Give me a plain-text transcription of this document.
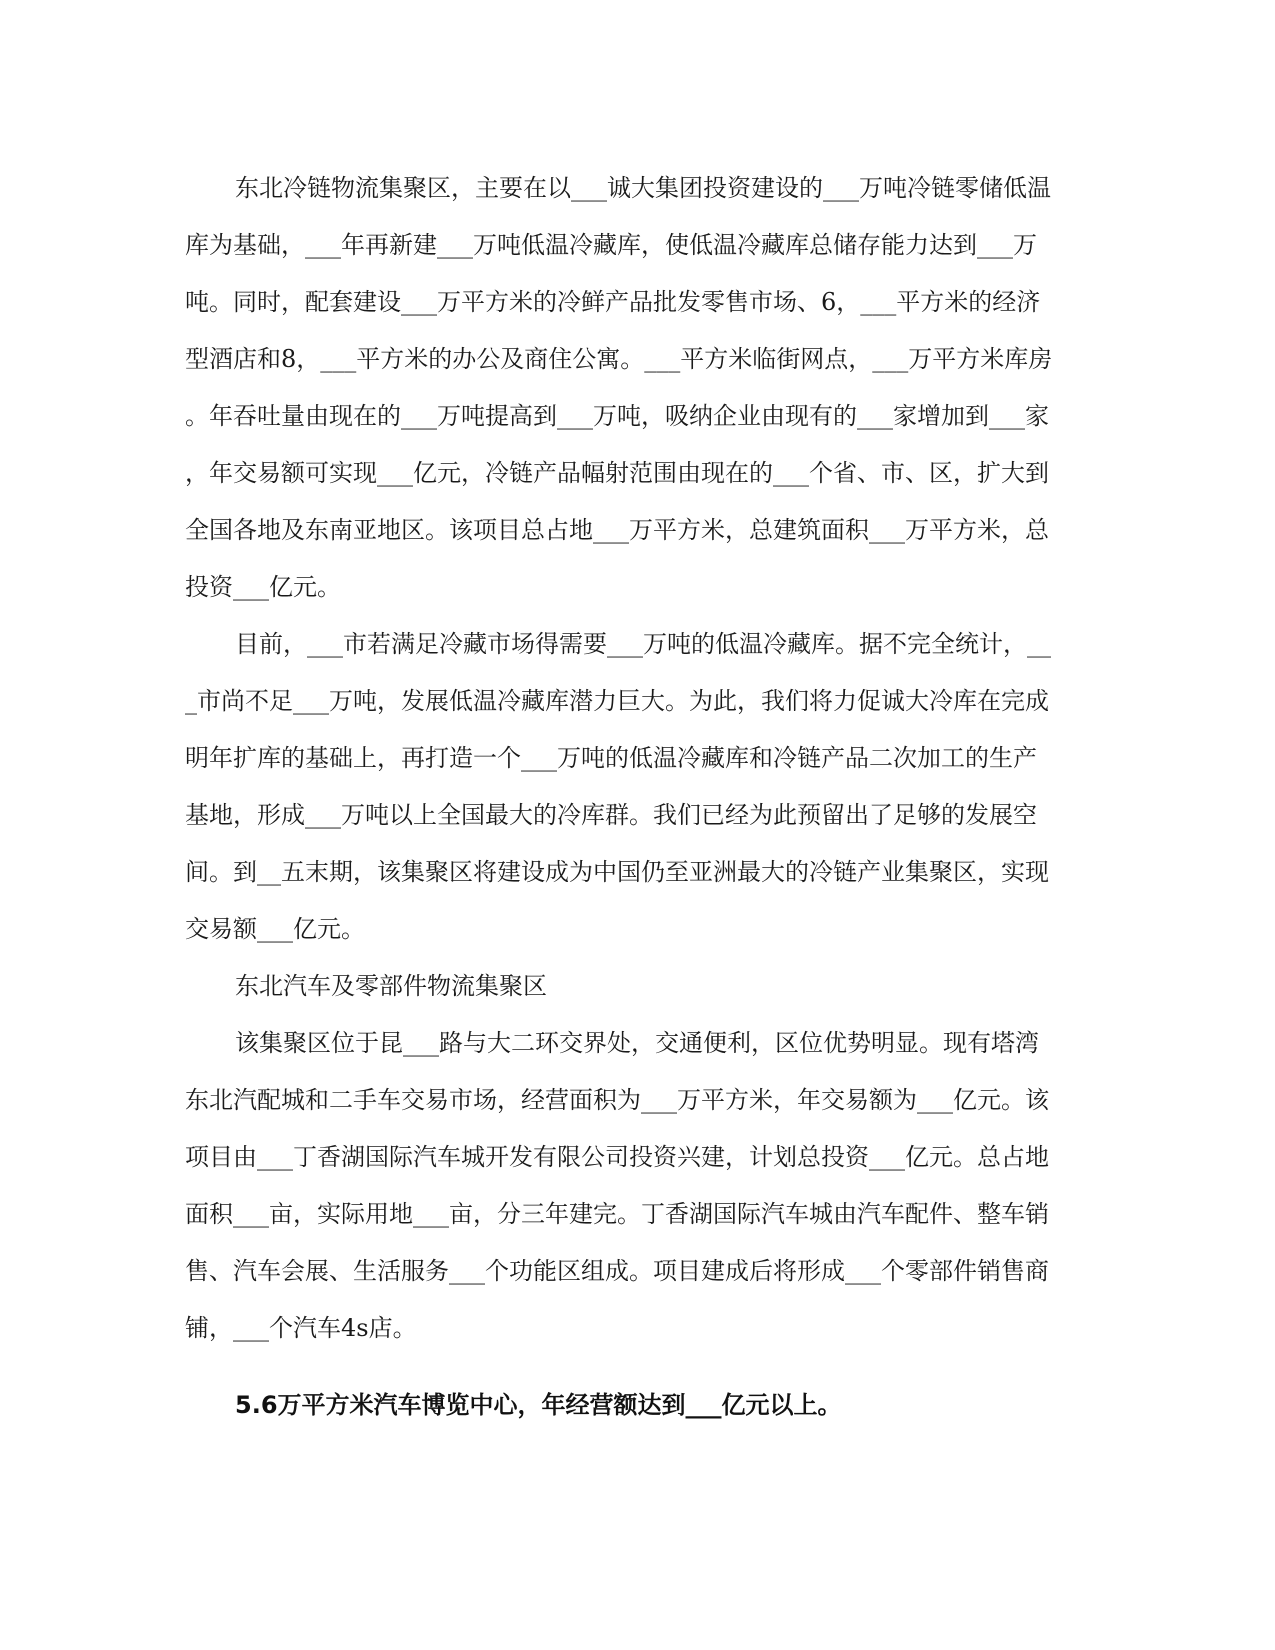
东北冷链物流集聚区，主要在以___诚大集团投资建设的___万吨冷链零储低温
库为基础，___年再新建___万吨低温冷藏库，使低温冷藏库总储存能力达到___万
吨。同时，配套建设___万平方米的冷鲜产品批发零售市场、6，___平方米的经济
型酒店和8，___平方米的办公及商住公寓。___平方米临街网点，___万平方米库房
。年吞吐量由现在的___万吨提高到___万吨，吸纳企业由现有的___家增加到___家
，年交易额可实现___亿元，冷链产品幅射范围由现在的___个省、市、区，扩大到
全国各地及东南亚地区。该项目总占地___万平方米，总建筑面积___万平方米，总
投资___亿元。
目前，___市若满足冷藏市场得需要___万吨的低温冷藏库。据不完全统计，__
_市尚不足___万吨，发展低温冷藏库潜力巨大。为此，我们将力促诚大冷库在完成
明年扩库的基础上，再打造一个___万吨的低温冷藏库和冷链产品二次加工的生产
基地，形成___万吨以上全国最大的冷库群。我们已经为此预留出了足够的发展空
间。到__五末期，该集聚区将建设成为中国仍至亚洲最大的冷链产业集聚区，实现
交易额___亿元。
东北汽车及零部件物流集聚区
该集聚区位于昆___路与大二环交界处，交通便利，区位优势明显。现有塔湾
东北汽配城和二手车交易市场，经营面积为___万平方米，年交易额为___亿元。该
项目由___丁香湖国际汽车城开发有限公司投资兴建，计划总投资___亿元。总占地
面积___亩，实际用地___亩，分三年建完。丁香湖国际汽车城由汽车配件、整车销
售、汽车会展、生活服务___个功能区组成。项目建成后将形成___个零部件销售商
铺，___个汽车4s店。
5.6万平方米汽车博览中心，年经营额达到___亿元以上。
